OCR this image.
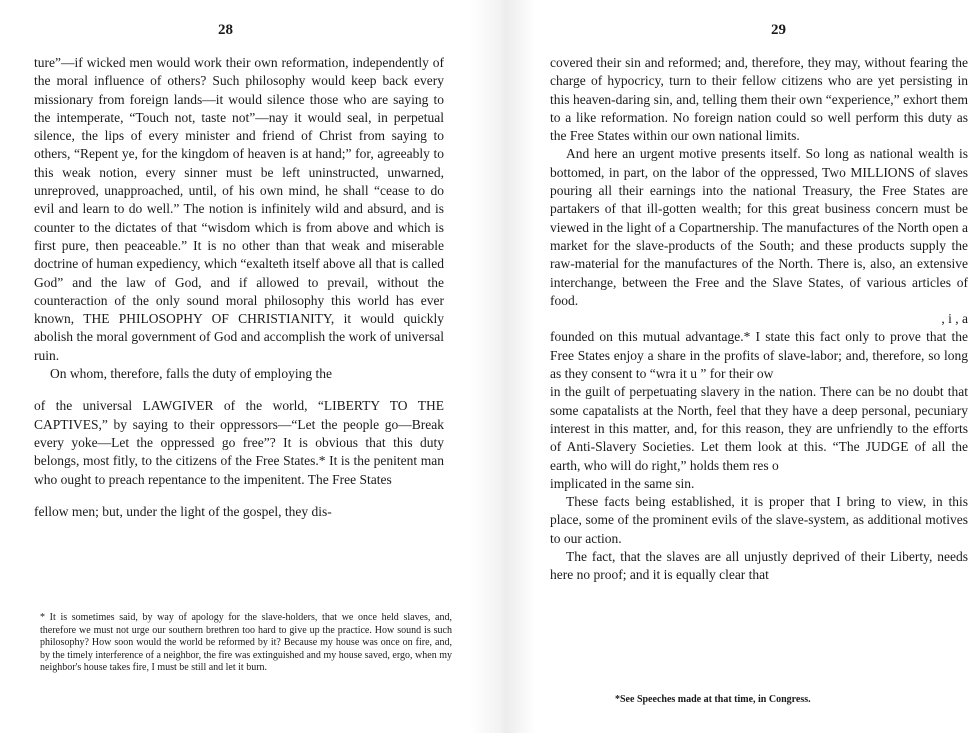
28

ture”—if wicked men would work their own reformation, independently of the moral influence of others? Such philosophy would keep back every missionary from foreign lands—it would silence those who are saying to the intemperate, “Touch not, taste not”—nay it would seal, in perpetual silence, the lips of every minister and friend of Christ from saying to others, “Repent ye, for the kingdom of heaven is at hand;” for, agreeably to this weak notion, every sinner must be left uninstructed, unwarned, unreproved, unapproached, until, of his own mind, he shall “cease to do evil and learn to do well.” The notion is infinitely wild and absurd, and is counter to the dictates of that “wisdom which is from above and which is first pure, then peaceable.” It is no other than that weak and miserable doctrine of human expediency, which “exalteth itself above all that is called God” and the law of God, and if allowed to prevail, without the counteraction of the only sound moral philosophy this world has ever known, THE PHILOSOPHY OF CHRISTIANITY, it would quickly abolish the moral government of God and accomplish the work of universal ruin.

On whom, therefore, falls the duty of employing the

of the universal LAWGIVER of the world, “LIBERTY TO THE CAPTIVES,” by saying to their oppressors—“Let the people go—Break every yoke—Let the oppressed go free”? It is obvious that this duty belongs, most fitly, to the citizens of the Free States.* It is the penitent man who ought to preach repentance to the impenitent. The Free States

fellow men; but, under the light of the gospel, they dis-

* It is sometimes said, by way of apology for the slave-holders, that we once held slaves, and, therefore we must not urge our southern brethren too hard to give up the practice. How sound is such philosophy? How soon would the world be reformed by it? Because my house was once on fire, and, by the timely interference of a neighbor, the fire was extinguished and my house saved, ergo, when my neighbor's house takes fire, I must be still and let it burn.

29

covered their sin and reformed; and, therefore, they may, without fearing the charge of hypocricy, turn to their fellow citizens who are yet persisting in this heaven-daring sin, and, telling them their own “experience,” exhort them to a like reformation. No foreign nation could so well perform this duty as the Free States within our own national limits.

And here an urgent motive presents itself. So long as national wealth is bottomed, in part, on the labor of the oppressed, Two MILLIONS of slaves pouring all their earnings into the national Treasury, the Free States are partakers of that ill-gotten wealth; for this great business concern must be viewed in the light of a Copartnership. The manufactures of the North open a market for the slave-products of the South; and these products supply the raw-material for the manufactures of the North. There is, also, an extensive interchange, between the Free and the Slave States, of various articles of food.

, i , a

founded on this mutual advantage.* I state this fact only to prove that the Free States enjoy a share in the profits of slave-labor; and, therefore, so long as they consent to “wra it u ” for their ow

in the guilt of perpetuating slavery in the nation. There can be no doubt that some capatalists at the North, feel that they have a deep personal, pecuniary interest in this matter, and, for this reason, they are unfriendly to the efforts of Anti-Slavery Societies. Let them look at this. “The JUDGE of all the earth, who will do right,” holds them res o

implicated in the same sin.

These facts being established, it is proper that I bring to view, in this place, some of the prominent evils of the slave-system, as additional motives to our action.

The fact, that the slaves are all unjustly deprived of their Liberty, needs here no proof; and it is equally clear that

*See Speeches made at that time, in Congress.
